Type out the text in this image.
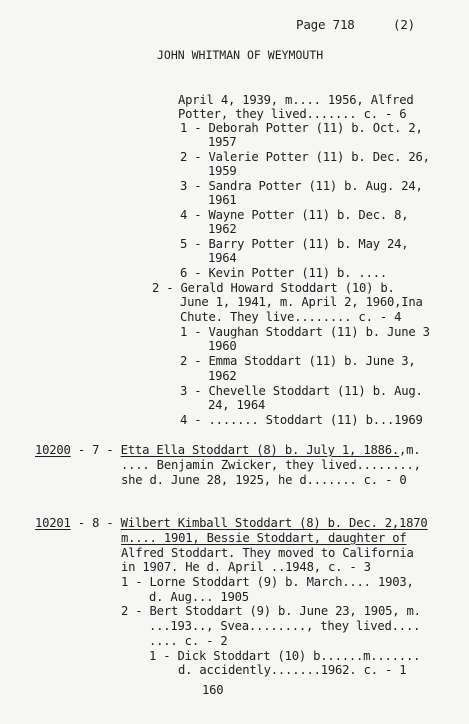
Page 718	(2)

JOHN WHITMAN OF WEYMOUTH

April 4, 1939, m.... 1956, Alfred

Potter, they lived....... c. - 6

1 - Deborah Potter (11) b. Oct. 2,

1957

2 - Valerie Potter (11) b. Dec. 26,

1959

3 - Sandra Potter (11) b. Aug. 24,

1961

4 - Wayne Potter (11) b. Dec. 8,

1962

5 - Barry Potter (11) b. May 24,

1964

6 - Kevin Potter (11) b. ....

2 - Gerald Howard Stoddart (10) b.

June 1, 1941, m. April 2, 1960,Ina

Chute. They live........ c. - 4

1 - Vaughan Stoddart (11) b. June 3

1960

2 - Emma Stoddart (11) b. June 3,

1962

3 - Chevelle Stoddart (11) b. Aug.

24, 1964

4 - ....... Stoddart (11) b...1969

10200 - 7 - Etta Ella Stoddart (8) b. July 1, 1886.,m.

.... Benjamin Zwicker, they lived........,

she d. June 28, 1925, he d....... c. - 0

10201 - 8 - Wilbert Kimball Stoddart (8) b. Dec. 2,1870

m.... 1901, Bessie Stoddart, daughter of

Alfred Stoddart. They moved to California

in 1907. He d. April ..1948, c. - 3

1 - Lorne Stoddart (9) b. March.... 1903,

d. Aug... 1905

2 - Bert Stoddart (9) b. June 23, 1905, m.

...193.., Svea........, they lived....

.... c. - 2

1 - Dick Stoddart (10) b......m.......

d. accidently.......1962. c. - 1

160
